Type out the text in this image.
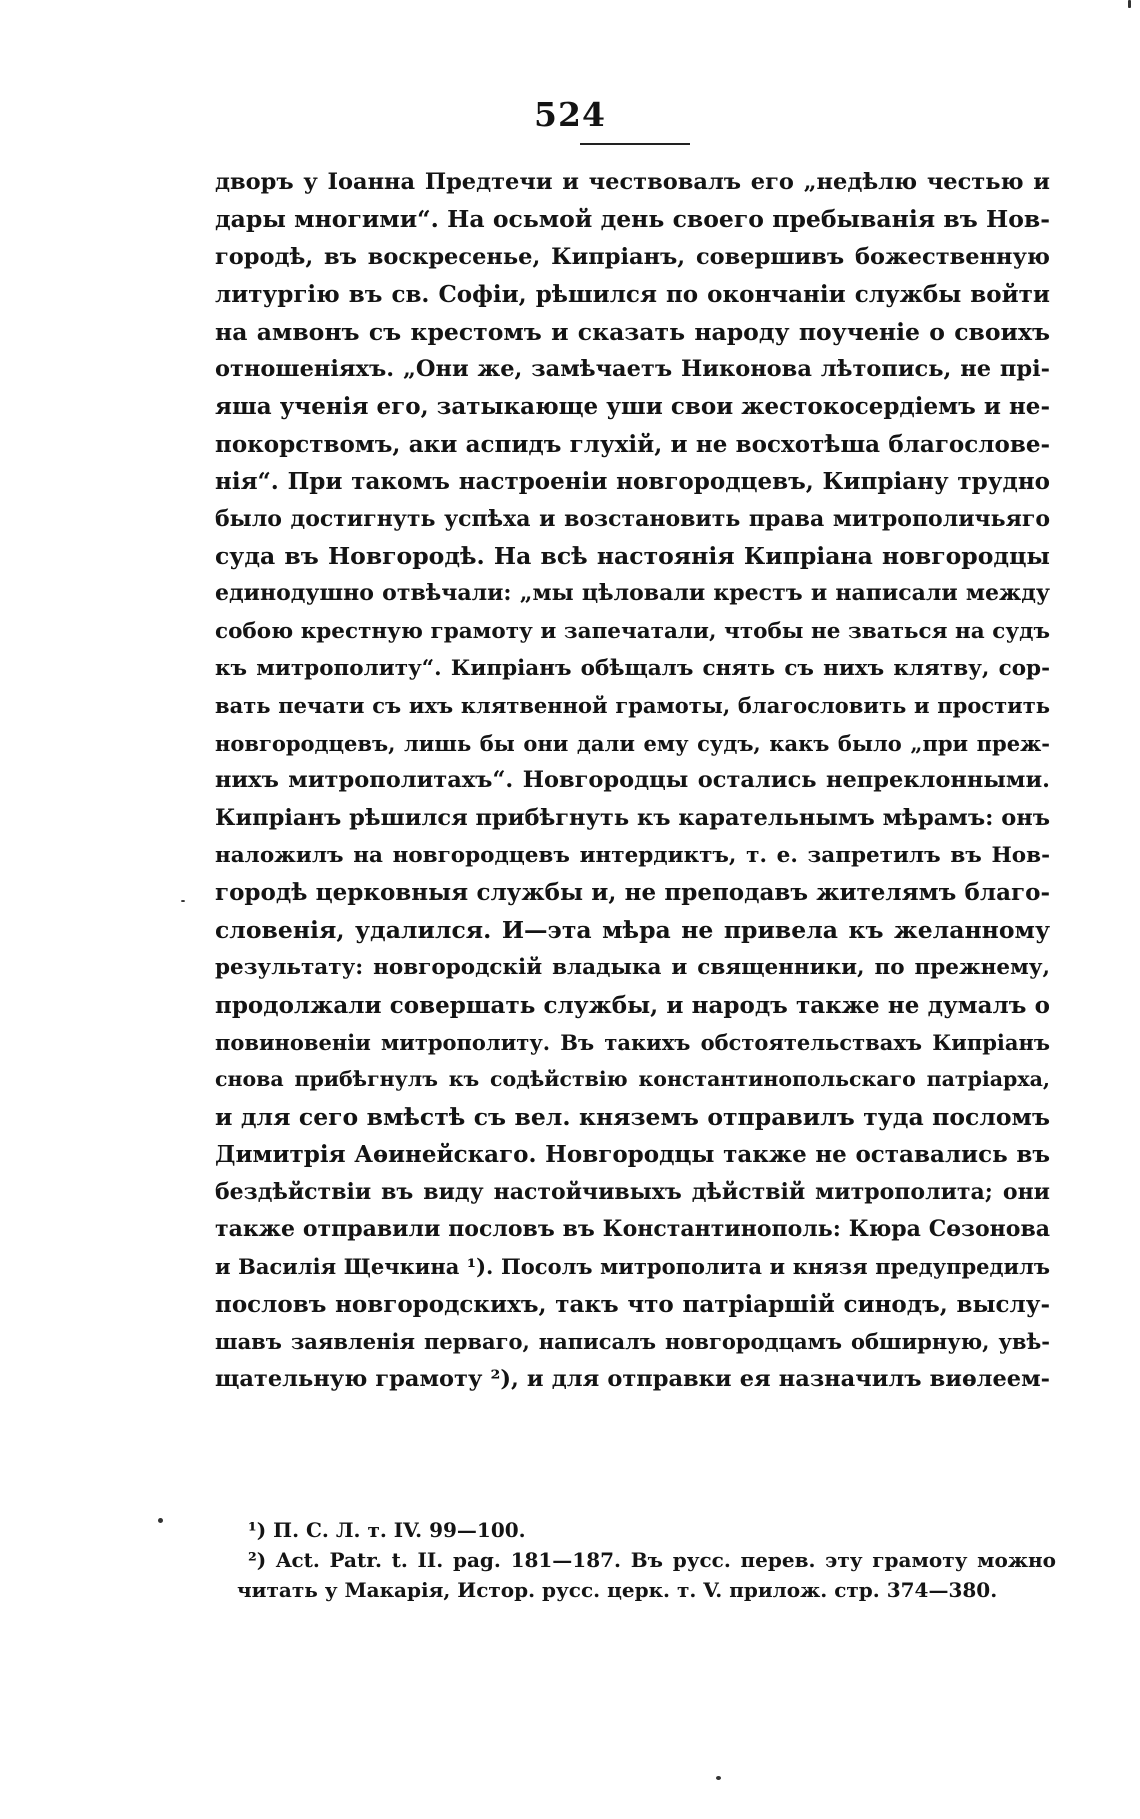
524
дворъ у Іоанна Предтечи и чествовалъ его „недѣлю честью и
дары многими“. На осьмой день своего пребыванія въ Нов-
городѣ, въ воскресенье, Кипріанъ, совершивъ божественную
литургію въ св. Софіи, рѣшился по окончаніи службы войти
на амвонъ съ крестомъ и сказать народу поученіе о своихъ
отношеніяхъ. „Они же, замѣчаетъ Никонова лѣтопись, не прі-
яша ученія его, затыкающе уши свои жестокосердіемъ и не-
покорствомъ, аки аспидъ глухій, и не восхотѣша благослове-
нія“. При такомъ настроеніи новгородцевъ, Кипріану трудно
было достигнуть успѣха и возстановить права митрополичьяго
суда въ Новгородѣ. На всѣ настоянія Кипріана новгородцы
единодушно отвѣчали: „мы цѣловали крестъ и написали между
собою крестную грамоту и запечатали, чтобы не зваться на судъ
къ митрополиту“. Кипріанъ обѣщалъ снять съ нихъ клятву, сор-
вать печати съ ихъ клятвенной грамоты, благословить и простить
новгородцевъ, лишь бы они дали ему судъ, какъ было „при преж-
нихъ митрополитахъ“. Новгородцы остались непреклонными.
Кипріанъ рѣшился прибѣгнуть къ карательнымъ мѣрамъ: онъ
наложилъ на новгородцевъ интердиктъ, т. е. запретилъ въ Нов-
городѣ церковныя службы и, не преподавъ жителямъ благо-
словенія, удалился. И—эта мѣра не привела къ желанному
результату: новгородскій владыка и священники, по прежнему,
продолжали совершать службы, и народъ также не думалъ о
повиновеніи митрополиту. Въ такихъ обстоятельствахъ Кипріанъ
снова прибѣгнулъ къ содѣйствію константинопольскаго патріарха,
и для сего вмѣстѣ съ вел. княземъ отправилъ туда посломъ
Димитрія Аѳинейскаго. Новгородцы также не оставались въ
бездѣйствіи въ виду настойчивыхъ дѣйствій митрополита; они
также отправили пословъ въ Константинополь: Кюра Сөзонова
и Василія Щечкина ¹). Посолъ митрополита и князя предупредилъ
пословъ новгородскихъ, такъ что патріаршій синодъ, выслу-
шавъ заявленія перваго, написалъ новгородцамъ обширную, увѣ-
щательную грамоту ²), и для отправки ея назначилъ виѳлеем-
¹) П. С. Л. т. IV. 99—100.
²) Act. Patr. t. II. pag. 181—187. Въ русс. перев. эту грамоту можно
читать у Макарія, Истор. русс. церк. т. V. прилож. стр. 374—380.
